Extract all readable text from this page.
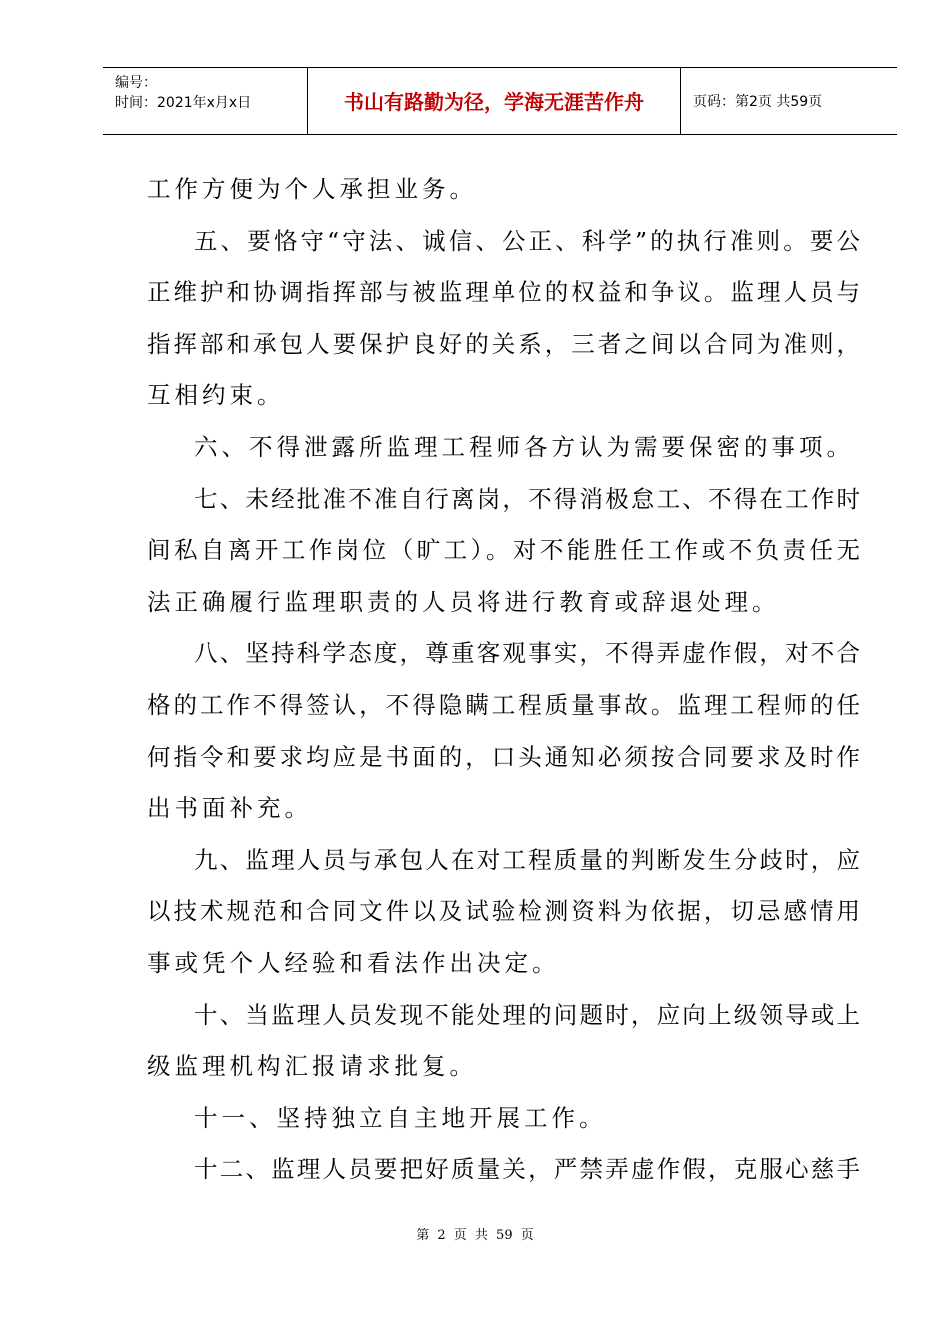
编号：
时间：2021年x月x日	书山有路勤为径，学海无涯苦作舟	页码：第2页 共59页
工作方便为个人承担业务。
五、要恪守“守法、诚信、公正、科学”的执行准则。要公
正维护和协调指挥部与被监理单位的权益和争议。监理人员与
指挥部和承包人要保护良好的关系，三者之间以合同为准则，
互相约束。
六、不得泄露所监理工程师各方认为需要保密的事项。
七、未经批准不准自行离岗，不得消极怠工、不得在工作时
间私自离开工作岗位（旷工）。对不能胜任工作或不负责任无
法正确履行监理职责的人员将进行教育或辞退处理。
八、坚持科学态度，尊重客观事实，不得弄虚作假，对不合
格的工作不得签认，不得隐瞒工程质量事故。监理工程师的任
何指令和要求均应是书面的，口头通知必须按合同要求及时作
出书面补充。
九、监理人员与承包人在对工程质量的判断发生分歧时，应
以技术规范和合同文件以及试验检测资料为依据，切忌感情用
事或凭个人经验和看法作出决定。
十、当监理人员发现不能处理的问题时，应向上级领导或上
级监理机构汇报请求批复。
十一、坚持独立自主地开展工作。
十二、监理人员要把好质量关，严禁弄虚作假，克服心慈手
第 2 页 共 59 页
